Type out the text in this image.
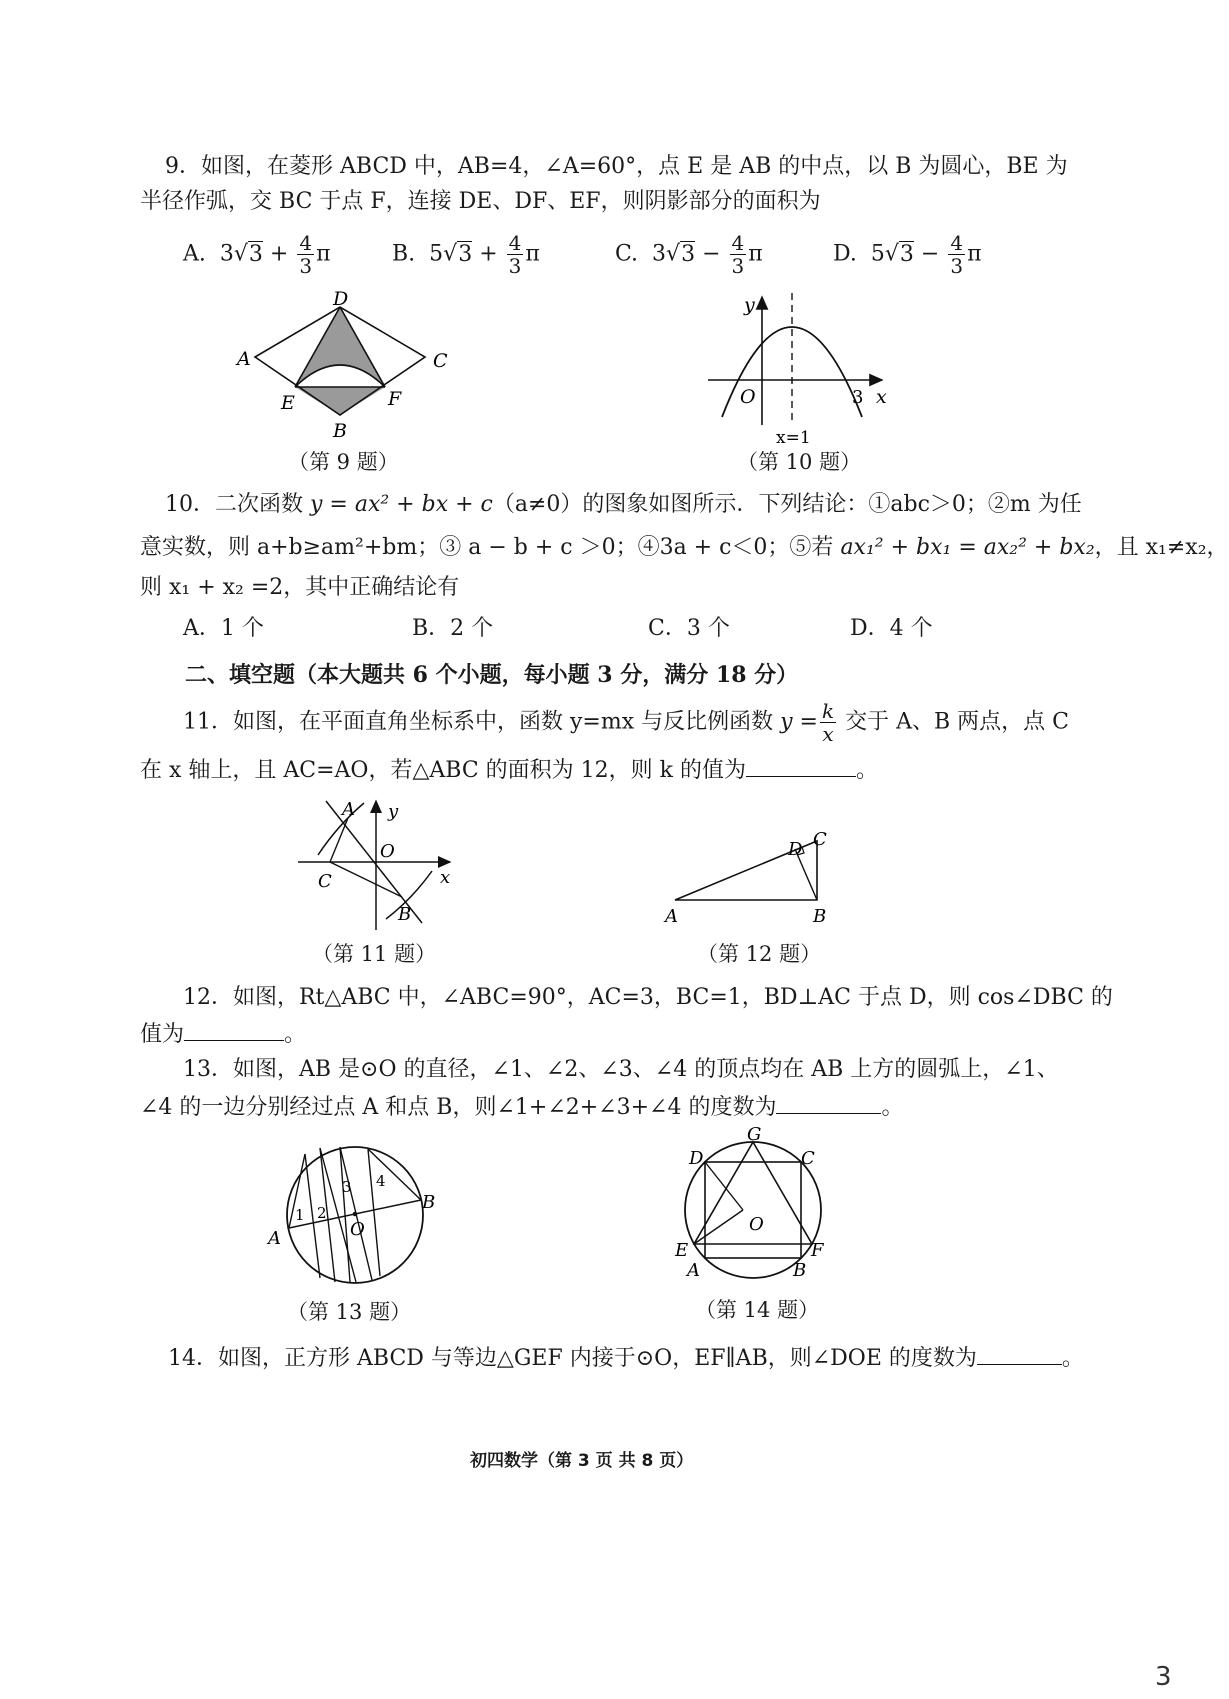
9．如图，在菱形 ABCD 中，AB=4，∠A=60°，点 E 是 AB 的中点，以 B 为圆心，BE 为
半径作弧，交 BC 于点 F，连接 DE、DF、EF，则阴影部分的面积为
A. $3√3 + \frac{4}{3}$ π	B. $5√3 + \frac{4}{3}$ π	C. $3√3 - \frac{4}{3}$ π	D. $5√3 - \frac{4}{3}$ π
A
D
C
E	F
B
（第 9 题）
y
x
O	3
x=1
（第 10 题）
10．二次函数 y = ax² + bx + c（a≠0）的图象如图所示．下列结论：①abc＞0；②m 为任
意实数，则 a+b≥am²+bm；③ a − b + c ＞0；④3a + c＜0；⑤若 ax₁² + bx₁ = ax₂² + bx₂，且 x₁≠x₂，
则 x₁ + x₂ =2，其中正确结论有
A．1 个	B．2 个	C．3 个	D．4 个
二、填空题（本大题共 6 个小题，每小题 3 分，满分 18 分）
11．如图，在平面直角坐标系中，函数 y=mx 与反比例函数 $y = \frac{k}{x}$ 交于 A、B 两点，点 C
在 x 轴上，且 AC=AO，若△ABC 的面积为 12，则 k 的值为	。
A y
O
C	x
B
（第 11 题）
A	B
C
D
（第 12 题）
12．如图，Rt△ABC 中，∠ABC=90°，AC=3，BC=1，BD⊥AC 于点 D，则 cos∠DBC 的
值为	。
13．如图，AB 是⊙O 的直径，∠1、∠2、∠3、∠4 的顶点均在 AB 上方的圆弧上，∠1、
∠4 的一边分别经过点 A 和点 B，则∠1+∠2+∠3+∠4 的度数为	。
A
B
O
1 2
3 4
（第 13 题）
G
D	C
O
E	F
A	B
（第 14 题）
14．如图，正方形 ABCD 与等边△GEF 内接于⊙O，EF∥AB，则∠DOE 的度数为	。
初四数学（第 3 页 共 8 页）
3
